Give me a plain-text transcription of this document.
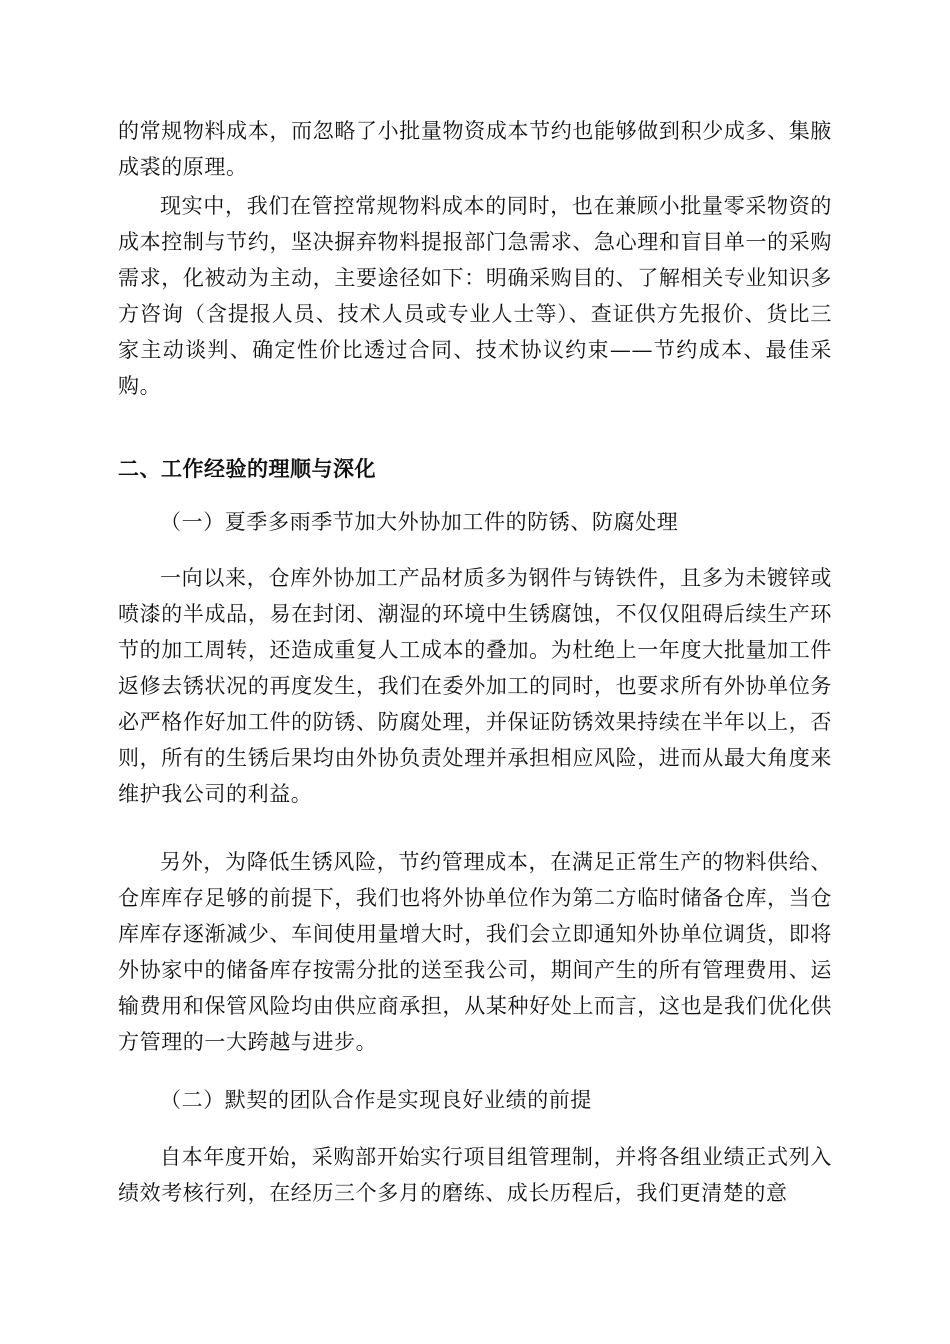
的常规物料成本，而忽略了小批量物资成本节约也能够做到积少成多、集腋成裘的原理。

现实中，我们在管控常规物料成本的同时，也在兼顾小批量零采物资的成本控制与节约，坚决摒弃物料提报部门急需求、急心理和盲目单一的采购需求，化被动为主动，主要途径如下：明确采购目的、了解相关专业知识多方咨询（含提报人员、技术人员或专业人士等）、查证供方先报价、货比三家主动谈判、确定性价比透过合同、技术协议约束——节约成本、最佳采购。

二、工作经验的理顺与深化

（一）夏季多雨季节加大外协加工件的防锈、防腐处理

一向以来，仓库外协加工产品材质多为钢件与铸铁件，且多为未镀锌或喷漆的半成品，易在封闭、潮湿的环境中生锈腐蚀，不仅仅阻碍后续生产环节的加工周转，还造成重复人工成本的叠加。为杜绝上一年度大批量加工件返修去锈状况的再度发生，我们在委外加工的同时，也要求所有外协单位务必严格作好加工件的防锈、防腐处理，并保证防锈效果持续在半年以上，否则，所有的生锈后果均由外协负责处理并承担相应风险，进而从最大角度来维护我公司的利益。

另外，为降低生锈风险，节约管理成本，在满足正常生产的物料供给、仓库库存足够的前提下，我们也将外协单位作为第二方临时储备仓库，当仓库库存逐渐减少、车间使用量增大时，我们会立即通知外协单位调货，即将外协家中的储备库存按需分批的送至我公司，期间产生的所有管理费用、运输费用和保管风险均由供应商承担，从某种好处上而言，这也是我们优化供方管理的一大跨越与进步。

（二）默契的团队合作是实现良好业绩的前提

自本年度开始，采购部开始实行项目组管理制，并将各组业绩正式列入绩效考核行列，在经历三个多月的磨练、成长历程后，我们更清楚的意
